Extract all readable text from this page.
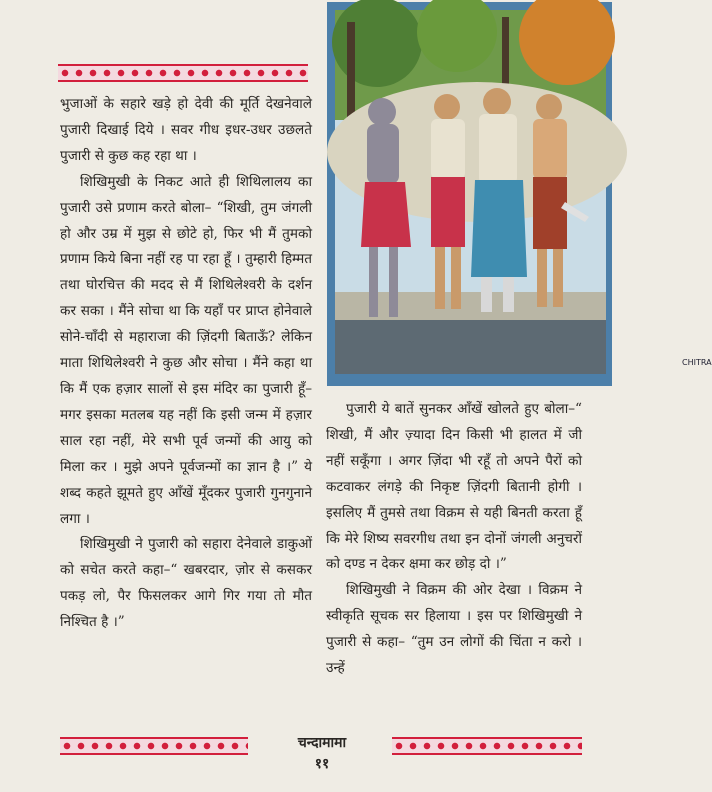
भुजाओं के सहारे खड़े हो देवी की मूर्ति देखनेवाले पुजारी दिखाई दिये । सवर गीध इधर-उधर उछलते पुजारी से कुछ कह रहा था ।

शिखिमुखी के निकट आते ही शिथिलालय का पुजारी उसे प्रणाम करते बोला– “शिखी, तुम जंगली हो और उम्र में मुझ से छोटे हो, फिर भी मैं तुमको प्रणाम किये बिना नहीं रह पा रहा हूँ । तुम्हारी हिम्मत तथा घोरचित्त की मदद से मैं शिथिलेश्वरी के दर्शन कर सका । मैंने सोचा था कि यहाँ पर प्राप्त होनेवाले सोने-चाँदी से महाराजा की ज़िंदगी बिताऊँ? लेकिन माता शिथिलेश्वरी ने कुछ और सोचा । मैंने कहा था कि मैं एक हज़ार सालों से इस मंदिर का पुजारी हूँ–मगर इसका मतलब यह नहीं कि इसी जन्म में हज़ार साल रहा नहीं, मेरे सभी पूर्व जन्मों की आयु को मिला कर । मुझे अपने पूर्वजन्मों का ज्ञान है ।” ये शब्द कहते झूमते हुए आँखें मूँदकर पुजारी गुनगुनाने लगा ।

शिखिमुखी ने पुजारी को सहारा देनेवाले डाकुओं को सचेत करते कहा–“ खबरदार, ज़ोर से कसकर पकड़ लो, पैर फिसलकर आगे गिर गया तो मौत निश्चित है ।”

CHITRA

पुजारी ये बातें सुनकर आँखें खोलते हुए बोला–“ शिखी, मैं और ज़्यादा दिन किसी भी हालत में जी नहीं सकूँगा । अगर ज़िंदा भी रहूँ तो अपने पैरों को कटवाकर लंगड़े की निकृष्ट ज़िंदगी बितानी होगी । इसलिए मैं तुमसे तथा विक्रम से यही बिनती करता हूँ कि मेरे शिष्य सवरगीध तथा इन दोनों जंगली अनुचरों को दण्ड न देकर क्षमा कर छोड़ दो ।”

शिखिमुखी ने विक्रम की ओर देखा । विक्रम ने स्वीकृति सूचक सर हिलाया । इस पर शिखिमुखी ने पुजारी से कहा– “तुम उन लोगों की चिंता न करो । उन्हें

चन्दामामा
११
